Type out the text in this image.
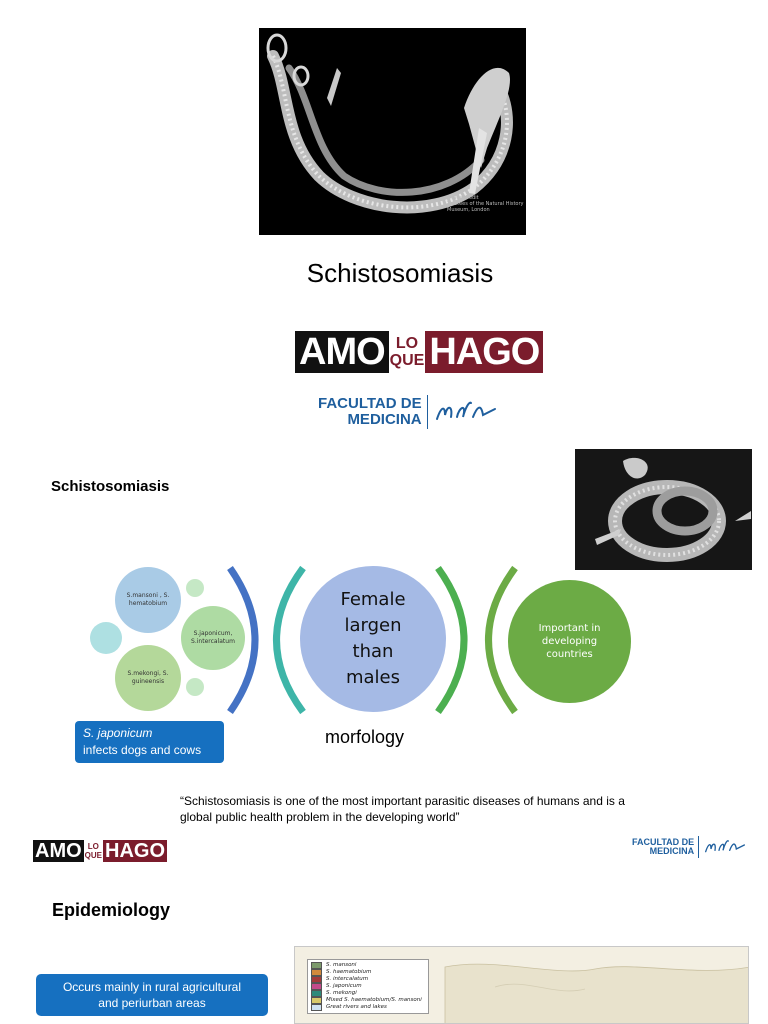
Image credit
Trustees of the Natural History
Museum, London
Schistosomiasis
AMO LO
QUE HAGO
FACULTAD DE
MEDICINA
Schistosomiasis
S.mansoni , S. hematobium
S.japonicum, S.intercalatum
S.mekongi, S. guineensis
Female largen than males
Important in developing countries
S. japonicum
infects dogs and cows
morfology
“Schistosomiasis is one of the most important parasitic diseases of humans and is a global public health problem in the developing world”
AMO LO
QUE HAGO	FACULTAD DE
MEDICINA
Epidemiology
Occurs mainly in rural agricultural and periurban areas
S. mansoni
S. haematobium
S. intercalatum
S. japonicum
S. mekongi
Mixed S. haematobium/S. mansoni
Great rivers and lakes
